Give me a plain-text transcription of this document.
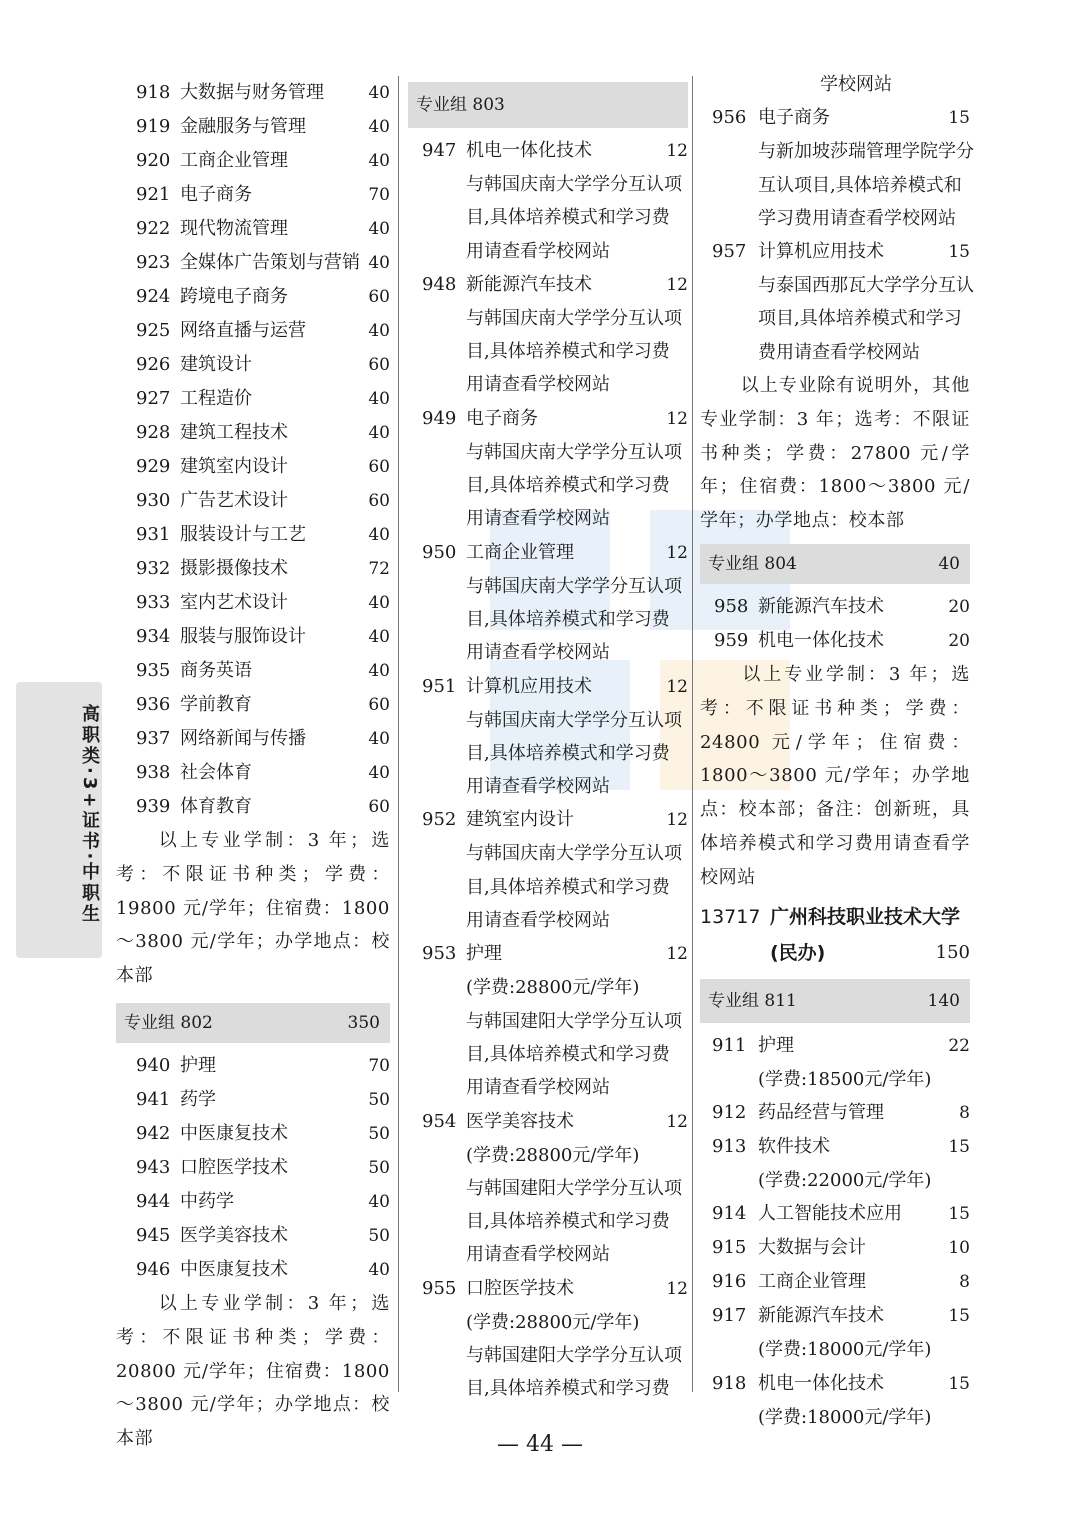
高职类·3+证书·中职生
918 大数据与财务管理	40
919 金融服务与管理	40
920 工商企业管理	40
921 电子商务	70
922 现代物流管理	40
923 全媒体广告策划与营销 40
924 跨境电子商务	60
925 网络直播与运营	40
926 建筑设计	60
927 工程造价	40
928 建筑工程技术	40
929 建筑室内设计	60
930 广告艺术设计	60
931 服装设计与工艺	40
932 摄影摄像技术	72
933 室内艺术设计	40
934 服装与服饰设计	40
935 商务英语	40
936 学前教育	60
937 网络新闻与传播	40
938 社会体育	40
939 体育教育	60
以上专业学制：3 年；选考：不限证书种类；学费：19800 元/学年；住宿费：1800～3800 元/学年；办学地点：校本部
专业组 802	350
940 护理	70
941 药学	50
942 中医康复技术	50
943 口腔医学技术	50
944 中药学	40
945 医学美容技术	50
946 中医康复技术	40
以上专业学制：3 年；选考：不限证书种类；学费：20800 元/学年；住宿费：1800～3800 元/学年；办学地点：校本部
专业组 803
947 机电一体化技术	12
与韩国庆南大学学分互认项
目,具体培养模式和学习费
用请查看学校网站
948 新能源汽车技术	12
与韩国庆南大学学分互认项
目,具体培养模式和学习费
用请查看学校网站
949 电子商务	12
与韩国庆南大学学分互认项
目,具体培养模式和学习费
用请查看学校网站
950 工商企业管理	12
与韩国庆南大学学分互认项
目,具体培养模式和学习费
用请查看学校网站
951 计算机应用技术	12
与韩国庆南大学学分互认项
目,具体培养模式和学习费
用请查看学校网站
952 建筑室内设计	12
与韩国庆南大学学分互认项
目,具体培养模式和学习费
用请查看学校网站
953 护理	12
(学费:28800元/学年)
与韩国建阳大学学分互认项
目,具体培养模式和学习费
用请查看学校网站
954 医学美容技术	12
(学费:28800元/学年)
与韩国建阳大学学分互认项
目,具体培养模式和学习费
用请查看学校网站
955 口腔医学技术	12
(学费:28800元/学年)
与韩国建阳大学学分互认项
目,具体培养模式和学习费
学校网站
956 电子商务	15
与新加坡莎瑞管理学院学分
互认项目,具体培养模式和
学习费用请查看学校网站
957 计算机应用技术	15
与泰国西那瓦大学学分互认
项目,具体培养模式和学习
费用请查看学校网站
以上专业除有说明外，其他专业学制：3 年；选考：不限证书种类；学费：27800 元/学年；住宿费：1800～3800 元/学年；办学地点：校本部
专业组 804	40
958 新能源汽车技术	20
959 机电一体化技术	20
以上专业学制：3 年；选考：不限证书种类；学费：24800 元/学年；住宿费：1800～3800 元/学年；办学地点：校本部；备注：创新班，具体培养模式和学习费用请查看学校网站
13717 广州科技职业技术大学
(民办)	150
专业组 811	140
911 护理	22
(学费:18500元/学年)
912 药品经营与管理	8
913 软件技术	15
(学费:22000元/学年)
914 人工智能技术应用	15
915 大数据与会计	10
916 工商企业管理	8
917 新能源汽车技术	15
(学费:18000元/学年)
918 机电一体化技术	15
(学费:18000元/学年)
— 44 —
